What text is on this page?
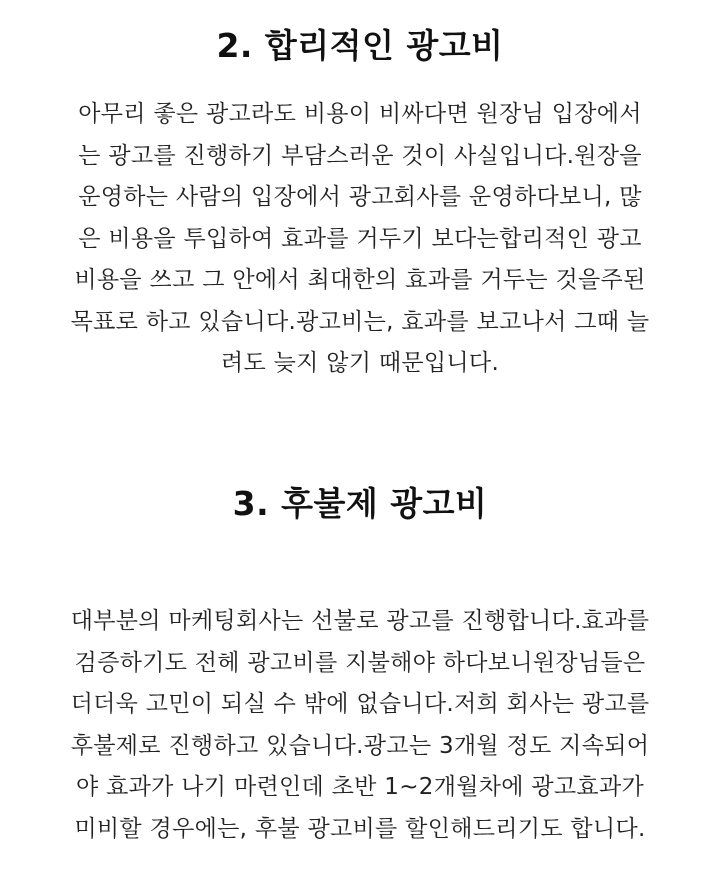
2. 합리적인 광고비

아무리 좋은 광고라도 비용이 비싸다면 원장님 입장에서
는 광고를 진행하기 부담스러운 것이 사실입니다.원장을
운영하는 사람의 입장에서 광고회사를 운영하다보니, 많
은 비용을 투입하여 효과를 거두기 보다는합리적인 광고
비용을 쓰고 그 안에서 최대한의 효과를 거두는 것을주된
목표로 하고 있습니다.광고비는, 효과를 보고나서 그때 늘
려도 늦지 않기 때문입니다.

3. 후불제 광고비

대부분의 마케팅회사는 선불로 광고를 진행합니다.효과를
검증하기도 전헤 광고비를 지불해야 하다보니원장님들은
더더욱 고민이 되실 수 밖에 없습니다.저희 회사는 광고를
후불제로 진행하고 있습니다.광고는 3개월 정도 지속되어
야 효과가 나기 마련인데 초반 1~2개월차에 광고효과가
미비할 경우에는, 후불 광고비를 할인해드리기도 합니다.
